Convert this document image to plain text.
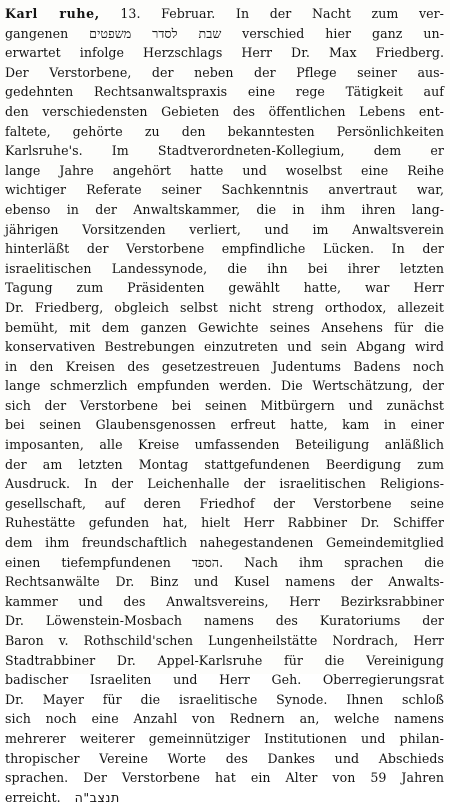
Karl ruhe, 13. Februar. In der Nacht zum ver-
gangenen שבת לסדר משפטים verschied hier ganz un-
erwartet infolge Herzschlags Herr Dr. Max Friedberg.
Der Verstorbene, der neben der Pflege seiner aus-
gedehnten Rechtsanwaltspraxis eine rege Tätigkeit auf
den verschiedensten Gebieten des öffentlichen Lebens ent-
faltete, gehörte zu den bekanntesten Persönlichkeiten
Karlsruhe's. Im Stadtverordneten-Kollegium, dem er
lange Jahre angehört hatte und woselbst eine Reihe
wichtiger Referate seiner Sachkenntnis anvertraut war,
ebenso in der Anwaltskammer, die in ihm ihren lang-
jährigen Vorsitzenden verliert, und im Anwaltsverein
hinterläßt der Verstorbene empfindliche Lücken. In der
israelitischen Landessynode, die ihn bei ihrer letzten
Tagung zum Präsidenten gewählt hatte, war Herr
Dr. Friedberg, obgleich selbst nicht streng orthodox, allezeit
bemüht, mit dem ganzen Gewichte seines Ansehens für die
konservativen Bestrebungen einzutreten und sein Abgang wird
in den Kreisen des gesetzestreuen Judentums Badens noch
lange schmerzlich empfunden werden. Die Wertschätzung, der
sich der Verstorbene bei seinen Mitbürgern und zunächst
bei seinen Glaubensgenossen erfreut hatte, kam in einer
imposanten, alle Kreise umfassenden Beteiligung anläßlich
der am letzten Montag stattgefundenen Beerdigung zum
Ausdruck. In der Leichenhalle der israelitischen Religions-
gesellschaft, auf deren Friedhof der Verstorbene seine
Ruhestätte gefunden hat, hielt Herr Rabbiner Dr. Schiffer
dem ihm freundschaftlich nahegestandenen Gemeindemitglied
einen tiefempfundenen הספד. Nach ihm sprachen die
Rechtsanwälte Dr. Binz und Kusel namens der Anwalts-
kammer und des Anwaltsvereins, Herr Bezirksrabbiner
Dr. Löwenstein-Mosbach namens des Kuratoriums der
Baron v. Rothschild'schen Lungenheilstätte Nordrach, Herr
Stadtrabbiner Dr. Appel-Karlsruhe für die Vereinigung
badischer Israeliten und Herr Geh. Oberregierungsrat
Dr. Mayer für die israelitische Synode. Ihnen schloß
sich noch eine Anzahl von Rednern an, welche namens
mehrerer weiterer gemeinnütziger Institutionen und philan-
thropischer Vereine Worte des Dankes und Abschieds
sprachen. Der Verstorbene hat ein Alter von 59 Jahren
erreicht. תנצב"ה
